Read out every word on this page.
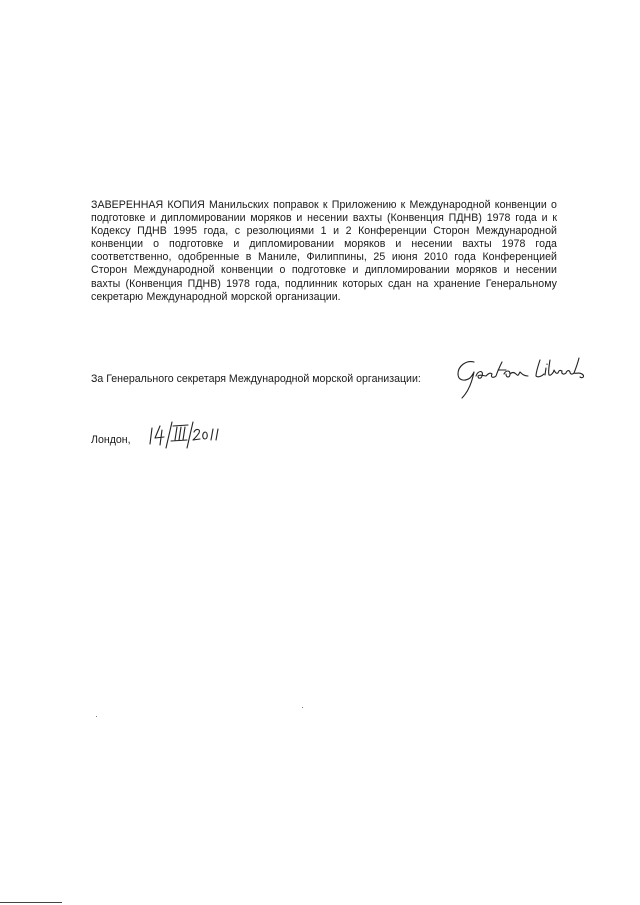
ЗАВЕРЕННАЯ КОПИЯ Манильских поправок к Приложению к Международной конвенции о подготовке и дипломировании моряков и несении вахты (Конвенция ПДНВ) 1978 года и к Кодексу ПДНВ 1995 года, с резолюциями 1 и 2 Конференции Сторон Международной конвенции о подготовке и дипломировании моряков и несении вахты 1978 года соответственно, одобренные в Маниле, Филиппины, 25 июня 2010 года Конференцией Сторон Международной конвенции о подготовке и дипломировании моряков и несении вахты (Конвенция ПДНВ) 1978 года, подлинник которых сдан на хранение Генеральному секретарю Международной морской организации.
За Генерального секретаря Международной морской организации:
Лондон,
